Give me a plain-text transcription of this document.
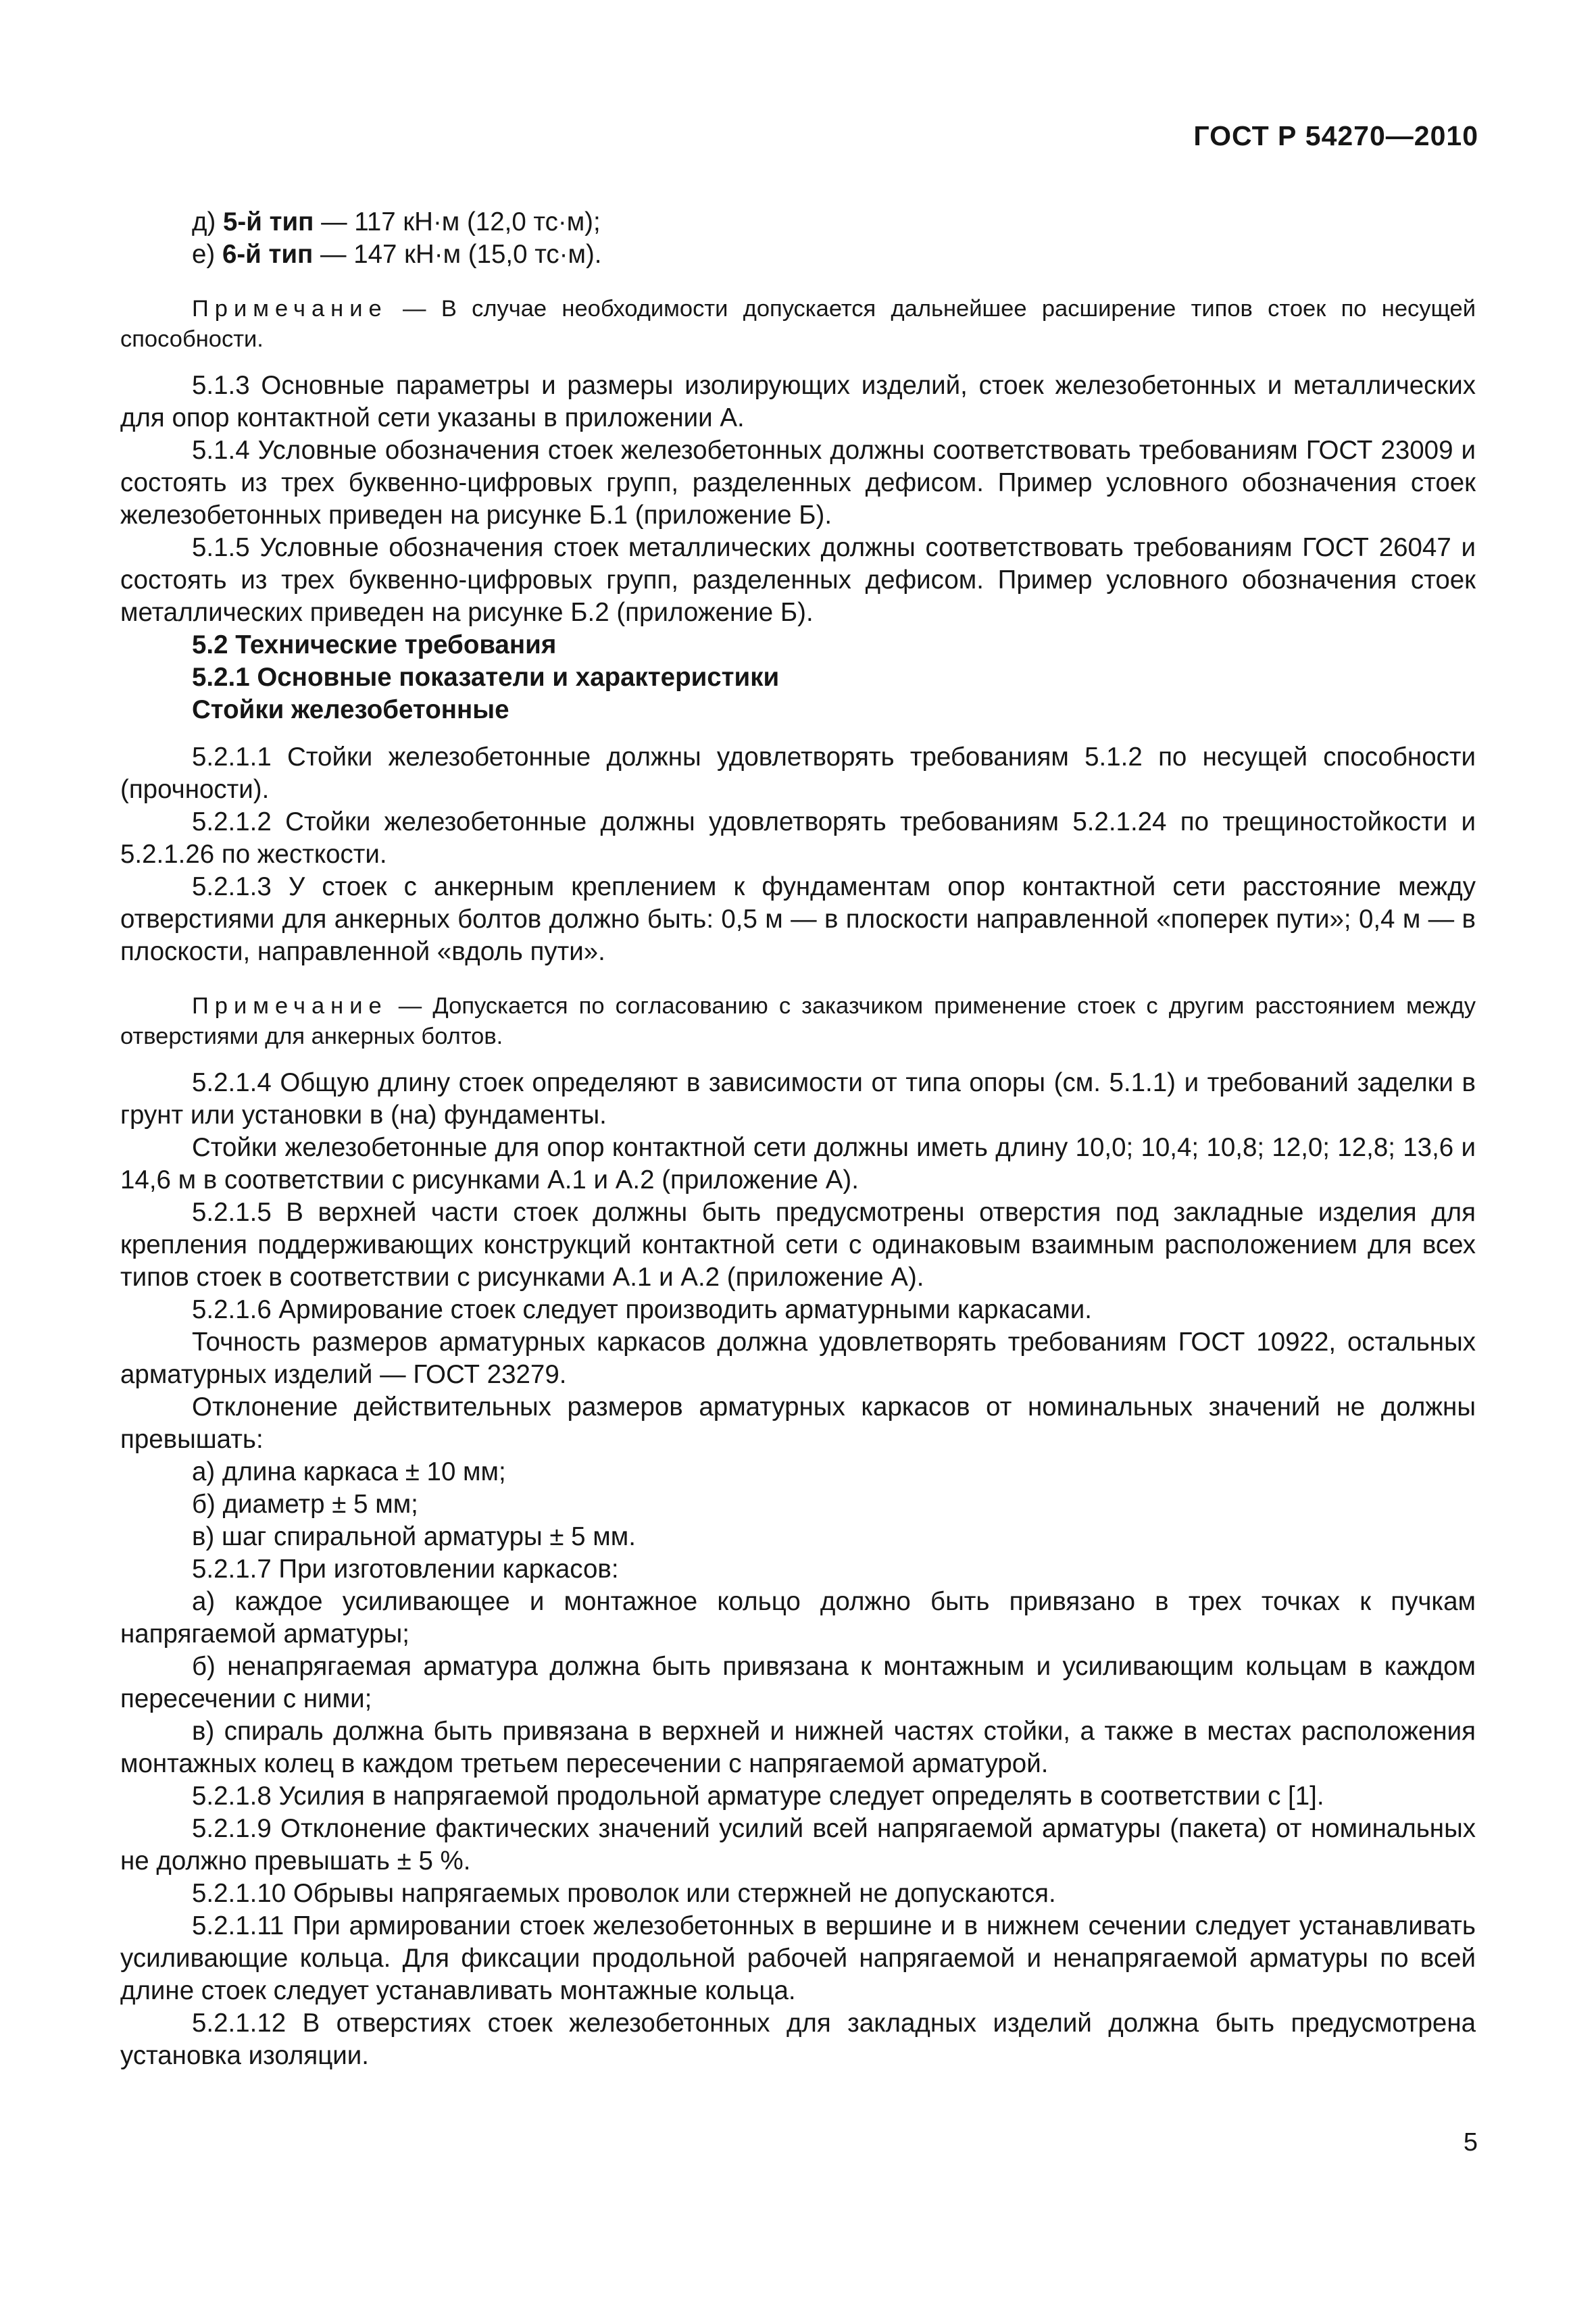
ГОСТ Р 54270—2010

д) 5-й тип — 117 кН·м (12,0 тс·м);

е) 6-й тип — 147 кН·м (15,0 тс·м).

Примечание — В случае необходимости допускается дальнейшее расширение типов стоек по несущей способности.

5.1.3 Основные параметры и размеры изолирующих изделий, стоек железобетонных и металлических для опор контактной сети указаны в приложении А.

5.1.4 Условные обозначения стоек железобетонных должны соответствовать требованиям ГОСТ 23009 и состоять из трех буквенно-цифровых групп, разделенных дефисом. Пример условного обозначения стоек железобетонных приведен на рисунке Б.1 (приложение Б).

5.1.5 Условные обозначения стоек металлических должны соответствовать требованиям ГОСТ 26047 и состоять из трех буквенно-цифровых групп, разделенных дефисом. Пример условного обозначения стоек металлических приведен на рисунке Б.2 (приложение Б).

5.2 Технические требования

5.2.1 Основные показатели и характеристики

Стойки железобетонные

5.2.1.1 Стойки железобетонные должны удовлетворять требованиям 5.1.2 по несущей способности (прочности).

5.2.1.2 Стойки железобетонные должны удовлетворять требованиям 5.2.1.24 по трещиностойкости и 5.2.1.26 по жесткости.

5.2.1.3 У стоек с анкерным креплением к фундаментам опор контактной сети расстояние между отверстиями для анкерных болтов должно быть: 0,5 м — в плоскости направленной «поперек пути»; 0,4 м — в плоскости, направленной «вдоль пути».

Примечание — Допускается по согласованию с заказчиком применение стоек с другим расстоянием между отверстиями для анкерных болтов.

5.2.1.4 Общую длину стоек определяют в зависимости от типа опоры (см. 5.1.1) и требований заделки в грунт или установки в (на) фундаменты.

Стойки железобетонные для опор контактной сети должны иметь длину 10,0; 10,4; 10,8; 12,0; 12,8; 13,6 и 14,6 м в соответствии с рисунками А.1 и А.2 (приложение А).

5.2.1.5 В верхней части стоек должны быть предусмотрены отверстия под закладные изделия для крепления поддерживающих конструкций контактной сети с одинаковым взаимным расположением для всех типов стоек в соответствии с рисунками А.1 и А.2 (приложение А).

5.2.1.6 Армирование стоек следует производить арматурными каркасами.

Точность размеров арматурных каркасов должна удовлетворять требованиям ГОСТ 10922, остальных арматурных изделий — ГОСТ 23279.

Отклонение действительных размеров арматурных каркасов от номинальных значений не должны превышать:

а) длина каркаса ± 10 мм;

б) диаметр ± 5 мм;

в) шаг спиральной арматуры ± 5 мм.

5.2.1.7 При изготовлении каркасов:

а) каждое усиливающее и монтажное кольцо должно быть привязано в трех точках к пучкам напрягаемой арматуры;

б) ненапрягаемая арматура должна быть привязана к монтажным и усиливающим кольцам в каждом пересечении с ними;

в) спираль должна быть привязана в верхней и нижней частях стойки, а также в местах расположения монтажных колец в каждом третьем пересечении с напрягаемой арматурой.

5.2.1.8 Усилия в напрягаемой продольной арматуре следует определять в соответствии с [1].

5.2.1.9 Отклонение фактических значений усилий всей напрягаемой арматуры (пакета) от номинальных не должно превышать ± 5 %.

5.2.1.10 Обрывы напрягаемых проволок или стержней не допускаются.

5.2.1.11 При армировании стоек железобетонных в вершине и в нижнем сечении следует устанавливать усиливающие кольца. Для фиксации продольной рабочей напрягаемой и ненапрягаемой арматуры по всей длине стоек следует устанавливать монтажные кольца.

5.2.1.12 В отверстиях стоек железобетонных для закладных изделий должна быть предусмотрена установка изоляции.

5
